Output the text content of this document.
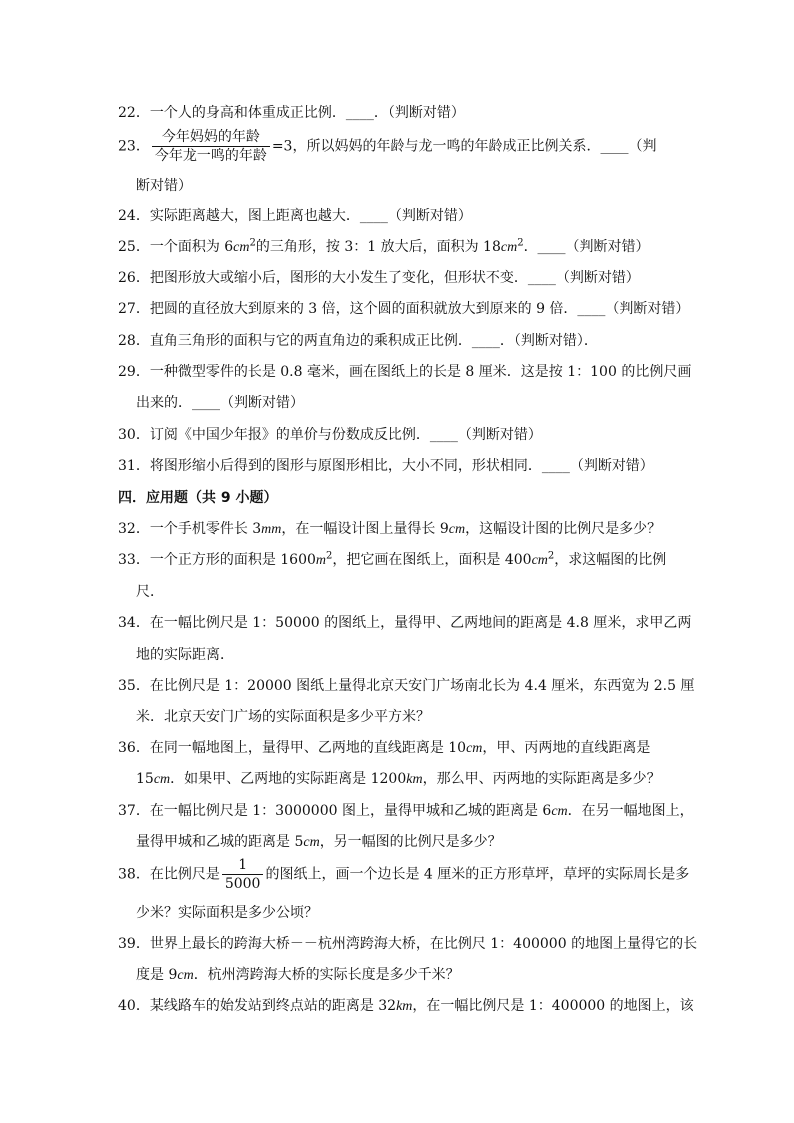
22．一个人的身高和体重成正比例．____．（判断对错）
23． $\frac{\text{今年妈妈的年龄}}{\text{今年龙一鸣的年龄}} =3$，所以妈妈的年龄与龙一鸣的年龄成正比例关系．____（判
断对错）
24．实际距离越大，图上距离也越大．____（判断对错）
25．一个面积为 $6cm^2$的三角形，按 3：1 放大后，面积为 $18cm^2$．____（判断对错）
26．把图形放大或缩小后，图形的大小发生了变化，但形状不变．____（判断对错）
27．把圆的直径放大到原来的 3 倍，这个圆的面积就放大到原来的 9 倍．____（判断对错）
28．直角三角形的面积与它的两直角边的乘积成正比例．____．（判断对错）．
29．一种微型零件的长是 0.8 毫米，画在图纸上的长是 8 厘米．这是按 1：100 的比例尺画
出来的．____（判断对错）
30．订阅《中国少年报》的单价与份数成反比例．____（判断对错）
31．将图形缩小后得到的图形与原图形相比，大小不同，形状相同．____（判断对错）
四．应用题（共 9 小题）
32．一个手机零件长 3mm，在一幅设计图上量得长 9cm，这幅设计图的比例尺是多少？
33．一个正方形的面积是 $1600m^2$，把它画在图纸上，面积是 $400cm^2$，求这幅图的比例
尺．
34．在一幅比例尺是 1：50000 的图纸上，量得甲、乙两地间的距离是 4.8 厘米，求甲乙两
地的实际距离．
35．在比例尺是 1：20000 图纸上量得北京天安门广场南北长为 4.4 厘米，东西宽为 2.5 厘
米．北京天安门广场的实际面积是多少平方米？
36．在同一幅地图上，量得甲、乙两地的直线距离是 10cm，甲、丙两地的直线距离是
15cm．如果甲、乙两地的实际距离是 1200km，那么甲、丙两地的实际距离是多少？
37．在一幅比例尺是 1：3000000 图上，量得甲城和乙城的距离是 6cm．在另一幅地图上，
量得甲城和乙城的距离是 5cm，另一幅图的比例尺是多少？
38．在比例尺是 $\frac{1}{5000}$ 的图纸上，画一个边长是 4 厘米的正方形草坪，草坪的实际周长是多
少米？实际面积是多少公顷？
39．世界上最长的跨海大桥－－杭州湾跨海大桥，在比例尺 1：400000 的地图上量得它的长
度是 9cm．杭州湾跨海大桥的实际长度是多少千米？
40．某线路车的始发站到终点站的距离是 32km，在一幅比例尺是 1：400000 的地图上，该
